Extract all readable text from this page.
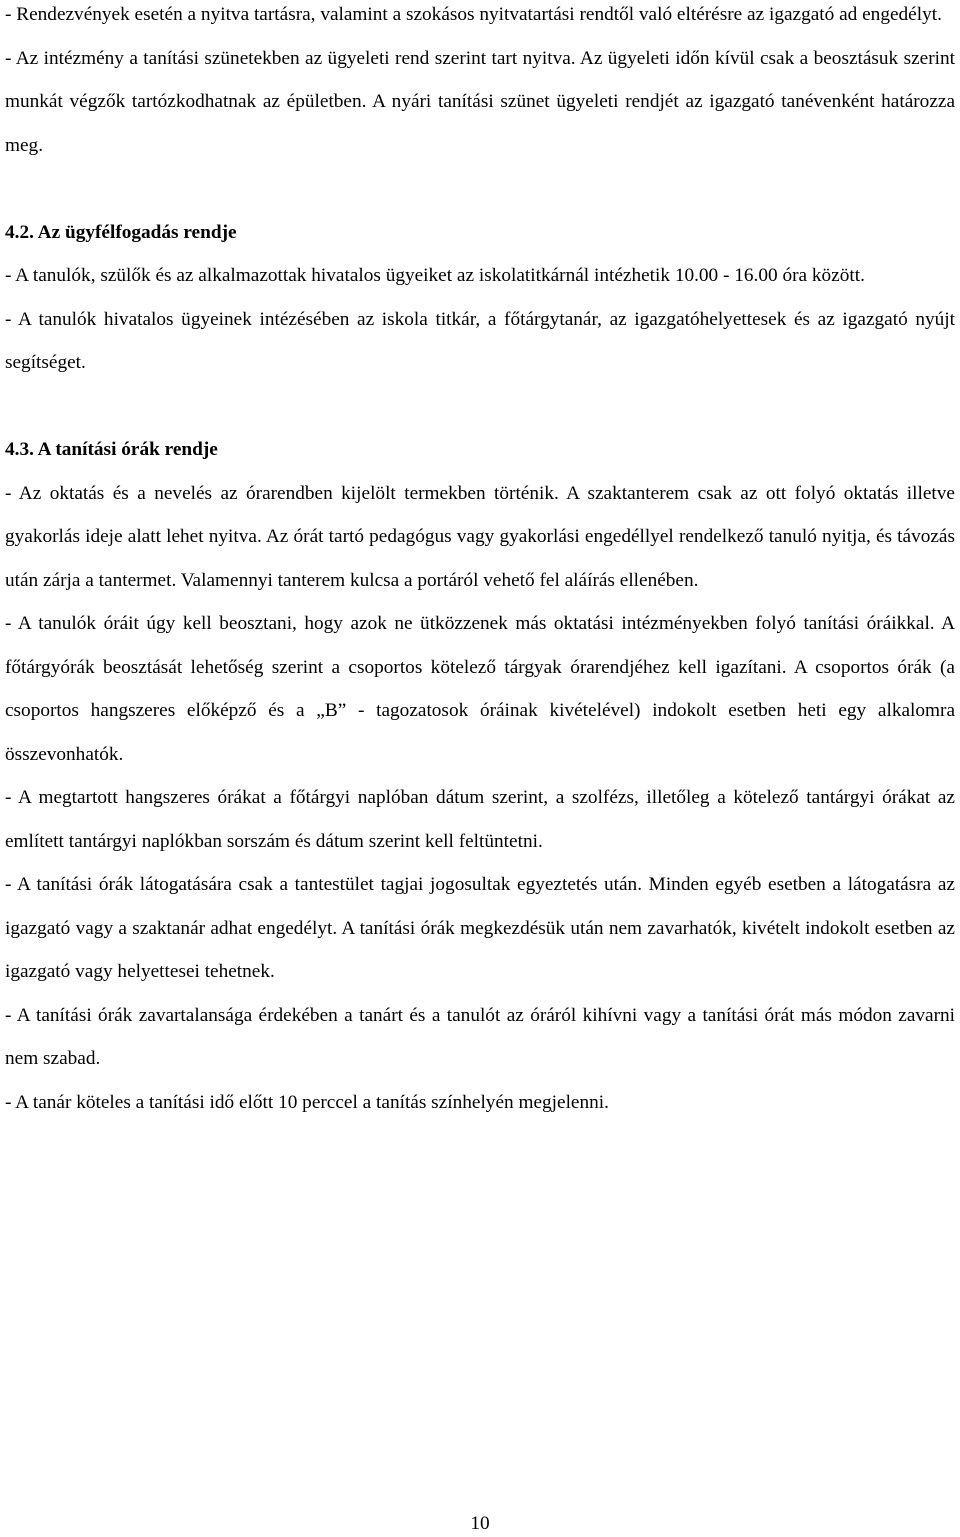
- Rendezvények esetén a nyitva tartásra, valamint a szokásos nyitvatartási rendtől való eltérésre az igazgató ad engedélyt.

- Az intézmény a tanítási szünetekben az ügyeleti rend szerint tart nyitva. Az ügyeleti időn kívül csak a beosztásuk szerint munkát végzők tartózkodhatnak az épületben. A nyári tanítási szünet ügyeleti rendjét az igazgató tanévenként határozza meg.

4.2. Az ügyfélfogadás rendje

- A tanulók, szülők és az alkalmazottak hivatalos ügyeiket az iskolatitkárnál intézhetik 10.00 - 16.00 óra között.

- A tanulók hivatalos ügyeinek intézésében az iskola titkár, a főtárgytanár, az igazgatóhelyettesek és az igazgató nyújt segítséget.

4.3. A tanítási órák rendje

- Az oktatás és a nevelés az órarendben kijelölt termekben történik. A szaktanterem csak az ott folyó oktatás illetve gyakorlás ideje alatt lehet nyitva. Az órát tartó pedagógus vagy gyakorlási engedéllyel rendelkező tanuló nyitja, és távozás után zárja a tantermet. Valamennyi tanterem kulcsa a portáról vehető fel aláírás ellenében.

- A tanulók óráit úgy kell beosztani, hogy azok ne ütközzenek más oktatási intézményekben folyó tanítási óráikkal. A főtárgyórák beosztását lehetőség szerint a csoportos kötelező tárgyak órarendjéhez kell igazítani. A csoportos órák (a csoportos hangszeres előképző és a „B” - tagozatosok óráinak kivételével) indokolt esetben heti egy alkalomra összevonhatók.

- A megtartott hangszeres órákat a főtárgyi naplóban dátum szerint, a szolfézs, illetőleg a kötelező tantárgyi órákat az említett tantárgyi naplókban sorszám és dátum szerint kell feltüntetni.

- A tanítási órák látogatására csak a tantestület tagjai jogosultak egyeztetés után. Minden egyéb esetben a látogatásra az igazgató vagy a szaktanár adhat engedélyt. A tanítási órák megkezdésük után nem zavarhatók, kivételt indokolt esetben az igazgató vagy helyettesei tehetnek.

- A tanítási órák zavartalansága érdekében a tanárt és a tanulót az óráról kihívni vagy a tanítási órát más módon zavarni nem szabad.

- A tanár köteles a tanítási idő előtt 10 perccel a tanítás színhelyén megjelenni.

10
